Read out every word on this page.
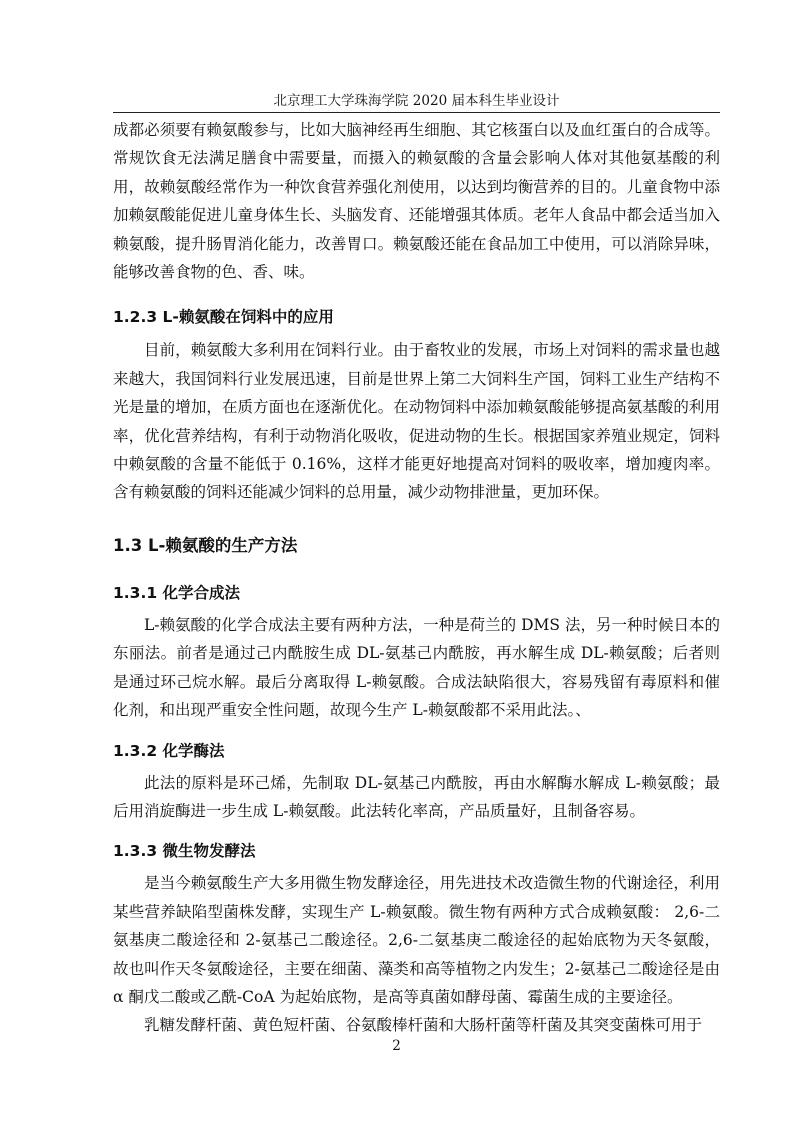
北京理工大学珠海学院 2020 届本科生毕业设计

成都必须要有赖氨酸参与，比如大脑神经再生细胞、其它核蛋白以及血红蛋白的合成等。常规饮食无法满足膳食中需要量，而摄入的赖氨酸的含量会影响人体对其他氨基酸的利用，故赖氨酸经常作为一种饮食营养强化剂使用，以达到均衡营养的目的。儿童食物中添加赖氨酸能促进儿童身体生长、头脑发育、还能增强其体质。老年人食品中都会适当加入赖氨酸，提升肠胃消化能力，改善胃口。赖氨酸还能在食品加工中使用，可以消除异味，能够改善食物的色、香、味。

1.2.3 L-赖氨酸在饲料中的应用

目前，赖氨酸大多利用在饲料行业。由于畜牧业的发展，市场上对饲料的需求量也越来越大，我国饲料行业发展迅速，目前是世界上第二大饲料生产国，饲料工业生产结构不光是量的增加，在质方面也在逐渐优化。在动物饲料中添加赖氨酸能够提高氨基酸的利用率，优化营养结构，有利于动物消化吸收，促进动物的生长。根据国家养殖业规定，饲料中赖氨酸的含量不能低于 0.16%，这样才能更好地提高对饲料的吸收率，增加瘦肉率。含有赖氨酸的饲料还能减少饲料的总用量，减少动物排泄量，更加环保。

1.3 L-赖氨酸的生产方法
1.3.1 化学合成法

L-赖氨酸的化学合成法主要有两种方法，一种是荷兰的 DMS 法，另一种时候日本的东丽法。前者是通过己内酰胺生成 DL-氨基己内酰胺，再水解生成 DL-赖氨酸；后者则是通过环己烷水解。最后分离取得 L-赖氨酸。合成法缺陷很大，容易残留有毒原料和催化剂，和出现严重安全性问题，故现今生产 L-赖氨酸都不采用此法。、

1.3.2 化学酶法

此法的原料是环己烯，先制取 DL-氨基己内酰胺，再由水解酶水解成 L-赖氨酸；最后用消旋酶进一步生成 L-赖氨酸。此法转化率高，产品质量好，且制备容易。

1.3.3 微生物发酵法

是当今赖氨酸生产大多用微生物发酵途径，用先进技术改造微生物的代谢途径，利用某些营养缺陷型菌株发酵，实现生产 L-赖氨酸。微生物有两种方式合成赖氨酸： 2,6-二氨基庚二酸途径和 2-氨基己二酸途径。2,6-二氨基庚二酸途径的起始底物为天冬氨酸，故也叫作天冬氨酸途径，主要在细菌、藻类和高等植物之内发生；2-氨基己二酸途径是由 α 酮戊二酸或乙酰-CoA 为起始底物，是高等真菌如酵母菌、霉菌生成的主要途径。

乳糖发酵杆菌、黄色短杆菌、谷氨酸棒杆菌和大肠杆菌等杆菌及其突变菌株可用于

2
